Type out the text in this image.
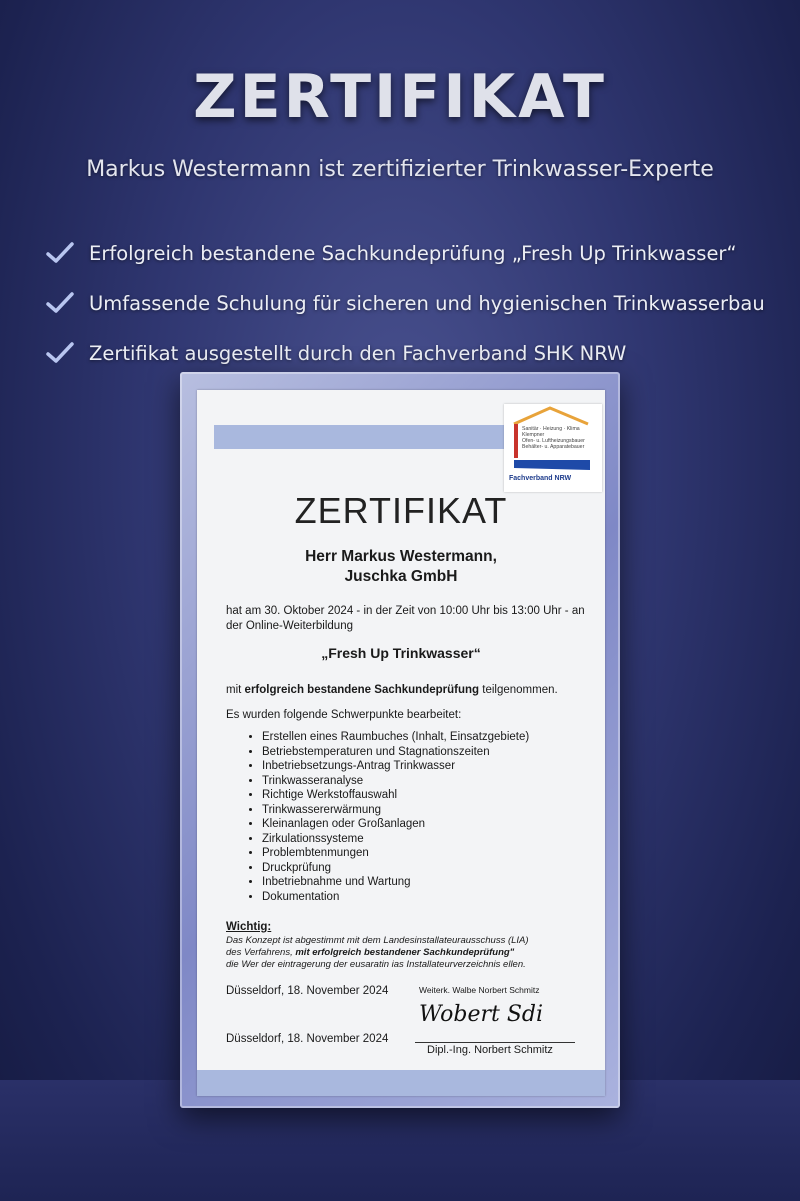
ZERTIFIKAT
Markus Westermann ist zertifizierter Trinkwasser-Experte
Erfolgreich bestandene Sachkundeprüfung „Fresh Up Trinkwasser“
Umfassende Schulung für sicheren und hygienischen Trinkwasserbau
Zertifikat ausgestellt durch den Fachverband SHK NRW
Sanitär · Heizung · Klima
Klempner
Ofen- u. Luftheizungsbauer
Behälter- u. Apparatebauer
Fachverband NRW
ZERTIFIKAT
Herr Markus Westermann,
Juschka GmbH
hat am 30. Oktober 2024 - in der Zeit von 10:00 Uhr bis 13:00 Uhr - an der Online-Weiterbildung
„Fresh Up Trinkwasser“
mit erfolgreich bestandene Sachkundeprüfung teilgenommen.
Es wurden folgende Schwerpunkte bearbeitet:
• Erstellen eines Raumbuches (Inhalt, Einsatzgebiete)
• Betriebstemperaturen und Stagnationszeiten
• Inbetriebsetzungs-Antrag Trinkwasser
• Trinkwasseranalyse
• Richtige Werkstoffauswahl
• Trinkwassererwärmung
• Kleinanlagen oder Großanlagen
• Zirkulationssysteme
• Problembtenmungen
• Druckprüfung
• Inbetriebnahme und Wartung
• Dokumentation
Wichtig:
Das Konzept ist abgestimmt mit dem Landesinstallateurausschuss (LIA)
des Verfahrens, mit erfolgreich bestandener Sachkundeprüfung"
die Wer der eintragerung der eusaratin ias Installateurverzeichnis ellen.
Düsseldorf, 18. November 2024	Weiterk. Walbe Norbert Schmitz
Wobert Sdi
Düsseldorf, 18. November 2024
Dipl.-Ing. Norbert Schmitz
